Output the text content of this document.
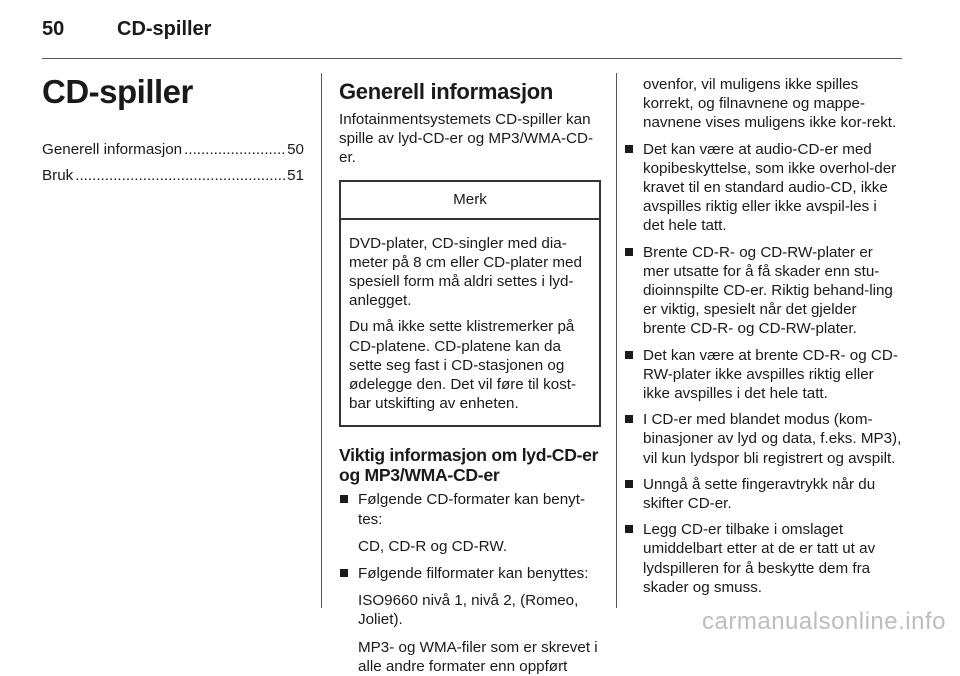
50	CD-spiller
CD-spiller
Generell informasjon .....	50
Bruk .....	51
Generell informasjon

Infotainmentsystemets CD-spiller kan spille av lyd-CD-er og MP3/WMA-CD-er.

Merk

DVD-plater, CD-singler med dia-meter på 8 cm eller CD-plater med spesiell form må aldri settes i lyd-anlegget.

Du må ikke sette klistremerker på CD-platene. CD-platene kan da sette seg fast i CD-stasjonen og ødelegge den. Det vil føre til kost-bar utskifting av enheten.

Viktig informasjon om lyd-CD-er og MP3/WMA-CD-er
Følgende CD-formater kan benyt-tes:
CD, CD-R og CD-RW.
Følgende filformater kan benyttes:
ISO9660 nivå 1, nivå 2, (Romeo, Joliet).
MP3- og WMA-filer som er skrevet i alle andre formater enn oppført
ovenfor, vil muligens ikke spilles korrekt, og filnavnene og mappe-navnene vises muligens ikke kor-rekt.
Det kan være at audio-CD-er med kopibeskyttelse, som ikke overhol-der kravet til en standard audio-CD, ikke avspilles riktig eller ikke avspil-les i det hele tatt.
Brente CD-R- og CD-RW-plater er mer utsatte for å få skader enn stu-dioinnspilte CD-er. Riktig behand-ling er viktig, spesielt når det gjelder brente CD-R- og CD-RW-plater.
Det kan være at brente CD-R- og CD-RW-plater ikke avspilles riktig eller ikke avspilles i det hele tatt.
I CD-er med blandet modus (kom-binasjoner av lyd og data, f.eks. MP3), vil kun lydspor bli registrert og avspilt.
Unngå å sette fingeravtrykk når du skifter CD-er.
Legg CD-er tilbake i omslaget umiddelbart etter at de er tatt ut av lydspilleren for å beskytte dem fra skader og smuss.
carmanualsonline.info
